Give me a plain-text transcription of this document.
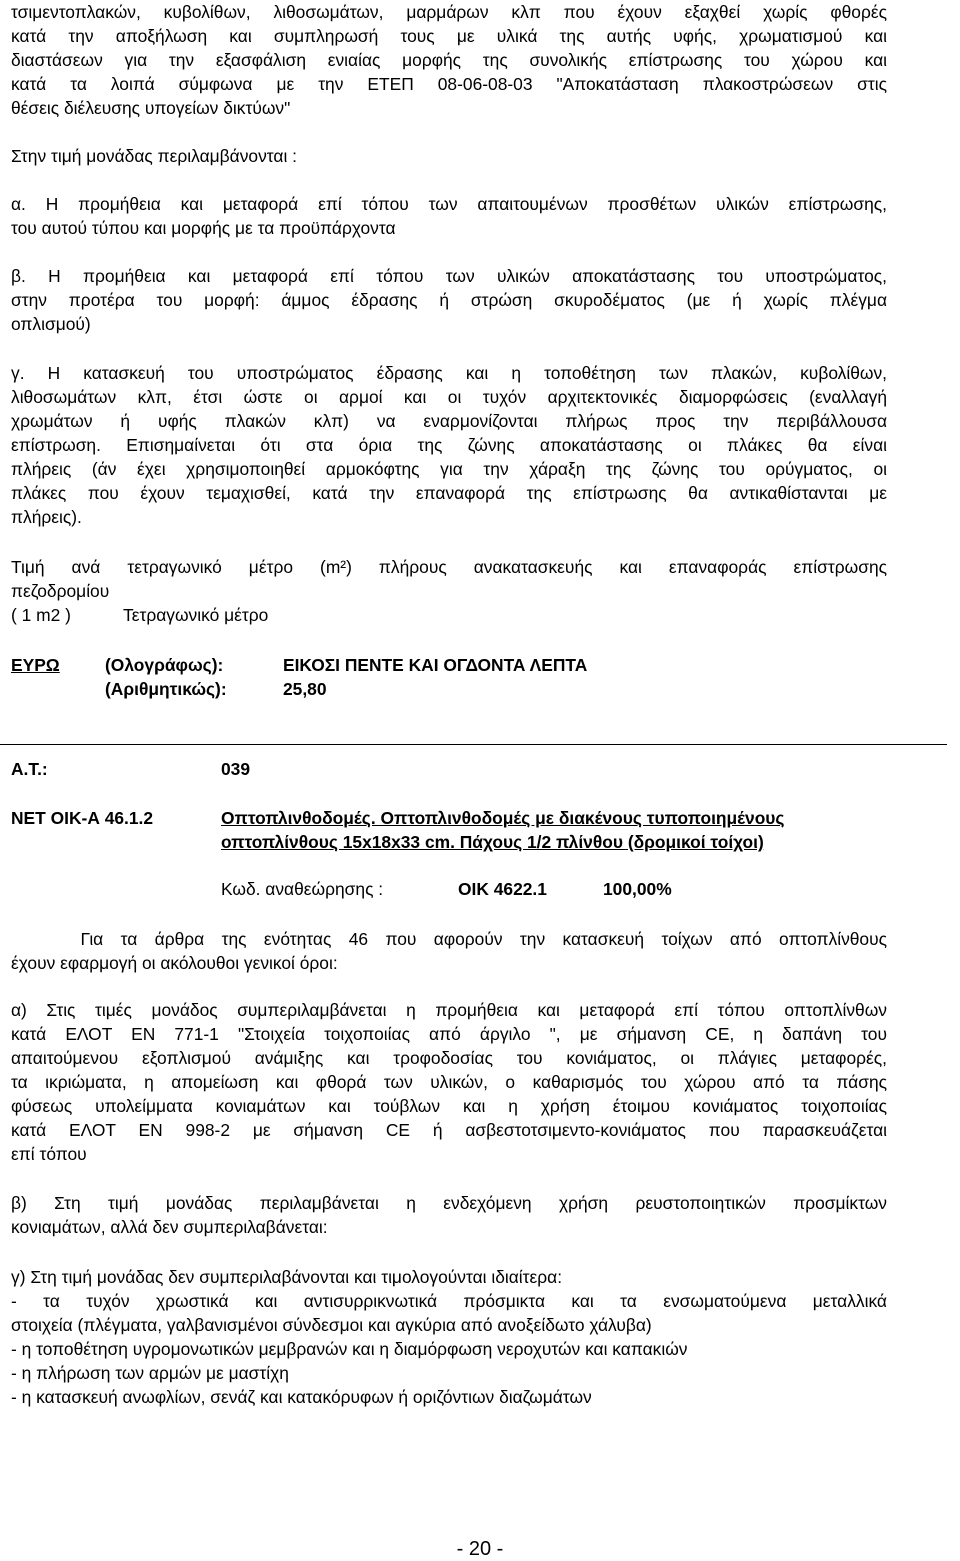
τσιμεντοπλακών, κυβολίθων, λιθοσωμάτων, μαρμάρων κλπ που έχουν εξαχθεί χωρίς φθορές
κατά την αποξήλωση και συμπληρωσή τους με υλικά της αυτής υφής, χρωματισμού και
διαστάσεων για την εξασφάλιση ενιαίας μορφής της συνολικής επίστρωσης του χώρου και
κατά τα λοιπά σύμφωνα με την ΕΤΕΠ 08-06-08-03 "Αποκατάσταση πλακοστρώσεων στις
θέσεις διέλευσης υπογείων δικτύων"
Στην τιμή μονάδας περιλαμβάνονται :
α. Η προμήθεια και μεταφορά επί τόπου των απαιτουμένων προσθέτων υλικών επίστρωσης,
του αυτού τύπου και μορφής με τα προϋπάρχοντα
β. Η προμήθεια και μεταφορά επί τόπου των υλικών αποκατάστασης του υποστρώματος,
στην προτέρα του μορφή: άμμος έδρασης ή στρώση σκυροδέματος (με ή χωρίς πλέγμα
οπλισμού)
γ. Η κατασκευή του υποστρώματος έδρασης και η τοποθέτηση των πλακών, κυβολίθων,
λιθοσωμάτων κλπ, έτσι ώστε οι αρμοί και οι τυχόν αρχιτεκτονικές διαμορφώσεις (εναλλαγή
χρωμάτων ή υφής πλακών κλπ) να εναρμονίζονται πλήρως προς την περιβάλλουσα
επίστρωση. Επισημαίνεται ότι στα όρια της ζώνης αποκατάστασης οι πλάκες θα είναι
πλήρεις (άν έχει χρησιμοποιηθεί αρμοκόφτης για την χάραξη της ζώνης του ορύγματος, οι
πλάκες που έχουν τεμαχισθεί, κατά την επαναφορά της επίστρωσης θα αντικαθίστανται με
πλήρεις).
Τιμή ανά τετραγωνικό μέτρο (m²) πλήρους ανακατασκευής και επαναφοράς επίστρωσης
πεζοδρομίου
( 1 m2 )	Τετραγωνικό μέτρο
ΕΥΡΩ	(Ολογράφως):	ΕΙΚΟΣΙ ΠΕΝΤΕ ΚΑΙ ΟΓΔΟΝΤΑ ΛΕΠΤΑ
(Αριθμητικώς):	25,80
Α.Τ.:	039
ΝΕΤ ΟΙΚ-Α 46.1.2	Οπτοπλινθοδομές. Οπτοπλινθοδομές με διακένους τυποποιημένους
οπτοπλίνθους 15x18x33 cm. Πάχους 1/2 πλίνθου (δρομικοί τοίχοι)
Κωδ. αναθεώρησης :	ΟΙΚ 4622.1	100,00%
Για τα άρθρα της ενότητας 46 που αφορούν την κατασκευή τοίχων από οπτοπλίνθους
έχουν εφαρμογή οι ακόλουθοι γενικοί όροι:
α) Στις τιμές μονάδος συμπεριλαμβάνεται η προμήθεια και μεταφορά επί τόπου οπτοπλίνθων
κατά ΕΛΟΤ ΕΝ 771-1 "Στοιχεία τοιχοποιίας από άργιλο ", με σήμανση CE, η δαπάνη του
απαιτούμενου εξοπλισμού ανάμιξης και τροφοδοσίας του κονιάματος, οι πλάγιες μεταφορές,
τα ικριώματα, η απομείωση και φθορά των υλικών, ο καθαρισμός του χώρου από τα πάσης
φύσεως υπολείμματα κονιαμάτων και τούβλων και η χρήση έτοιμου κονιάματος τοιχοποιίας
κατά ΕΛΟΤ ΕΝ 998-2 με σήμανση CE ή ασβεστοτσιμεντο-κονιάματος που παρασκευάζεται
επί τόπου
β) Στη τιμή μονάδας περιλαμβάνεται η ενδεχόμενη χρήση ρευστοποιητικών προσμίκτων
κονιαμάτων, αλλά δεν συμπεριλαβάνεται:
γ) Στη τιμή μονάδας δεν συμπεριλαβάνονται και τιμολογούνται ιδιαίτερα:
- τα τυχόν χρωστικά και αντισυρρικνωτικά πρόσμικτα και τα ενσωματούμενα μεταλλικά
στοιχεία (πλέγματα, γαλβανισμένοι σύνδεσμοι και αγκύρια από ανοξείδωτο χάλυβα)
- η τοποθέτηση υγρομονωτικών μεμβρανών και η διαμόρφωση νεροχυτών και καπακιών
- η πλήρωση των αρμών με μαστίχη
- η κατασκευή ανωφλίων, σενάζ και κατακόρυφων ή οριζόντιων διαζωμάτων
- 20 -
